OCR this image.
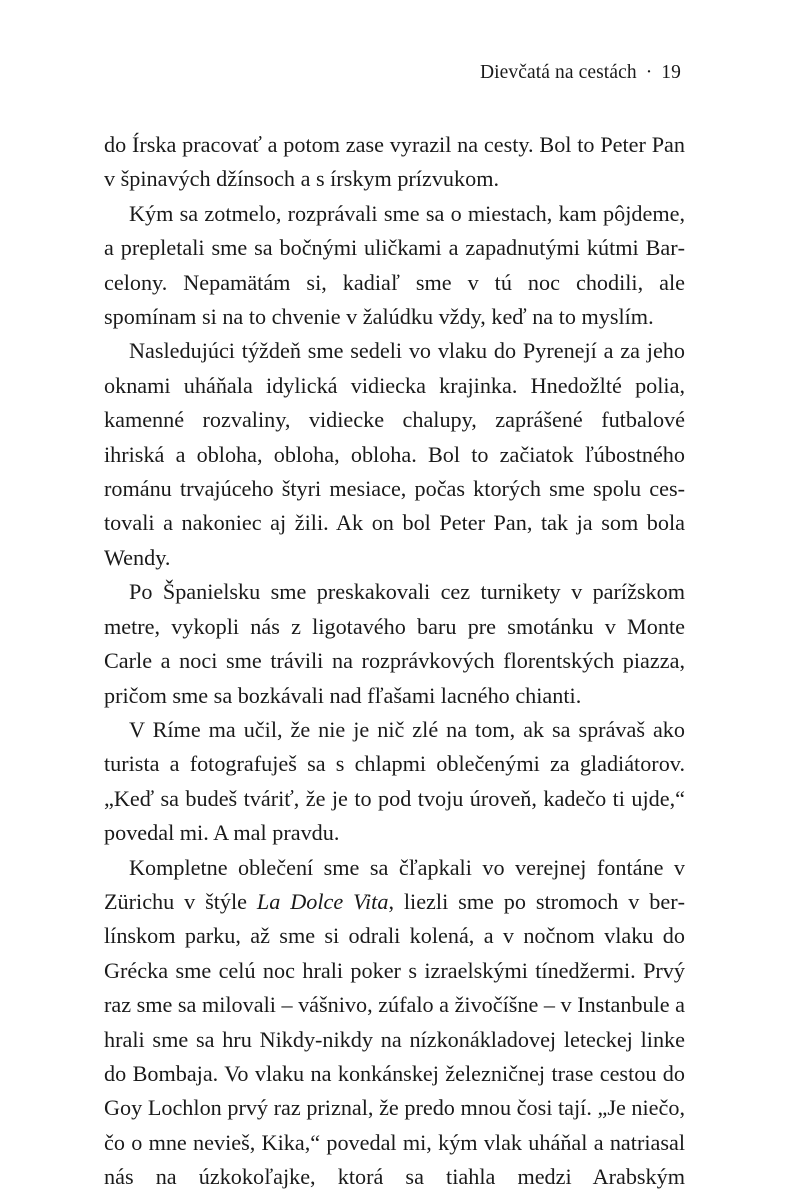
Dievčatá na cestách · 19

do Írska pracovať a potom zase vyrazil na cesty. Bol to Peter Pan v špinavých džínsoch a s írskym prízvukom.

Kým sa zotmelo, rozprávali sme sa o miestach, kam pôjdeme, a prepletali sme sa bočnými uličkami a zapadnutými kútmi Barcelony. Nepamätám si, kadiaľ sme v tú noc chodili, ale spomínam si na to chvenie v žalúdku vždy, keď na to myslím.

Nasledujúci týždeň sme sedeli vo vlaku do Pyrenejí a za jeho oknami uháňala idylická vidiecka krajinka. Hnedožlté polia, kamenné rozvaliny, vidiecke chalupy, zaprášené futbalové ihriská a obloha, obloha, obloha. Bol to začiatok ľúbostného románu trvajúceho štyri mesiace, počas ktorých sme spolu cestovali a nakoniec aj žili. Ak on bol Peter Pan, tak ja som bola Wendy.

Po Španielsku sme preskakovali cez turnikety v parížskom metre, vykopli nás z ligotavého baru pre smotánku v Monte Carle a noci sme trávili na rozprávkových florentských piazza, pričom sme sa bozkávali nad fľašami lacného chianti.

V Ríme ma učil, že nie je nič zlé na tom, ak sa správaš ako turista a fotografuješ sa s chlapmi oblečenými za gladiátorov. „Keď sa budeš tváriť, že je to pod tvoju úroveň, kadečo ti ujde,“ povedal mi. A mal pravdu.

Kompletne oblečení sme sa čľapkali vo verejnej fontáne v Zürichu v štýle La Dolce Vita, liezli sme po stromoch v berlínskom parku, až sme si odrali kolená, a v nočnom vlaku do Grécka sme celú noc hrali poker s izraelskými tínedžermi. Prvý raz sme sa milovali – vášnivo, zúfalo a živočíšne – v Instanbule a hrali sme sa hru Nikdy-nikdy na nízkonákladovej leteckej linke do Bombaja. Vo vlaku na konkánskej železničnej trase cestou do Goy Lochlon prvý raz priznal, že predo mnou čosi tají. „Je niečo, čo o mne nevieš, Kika,“ povedal mi, kým vlak uháňal a natriasal nás na úzkokoľajke, ktorá sa tiahla medzi Arabským
